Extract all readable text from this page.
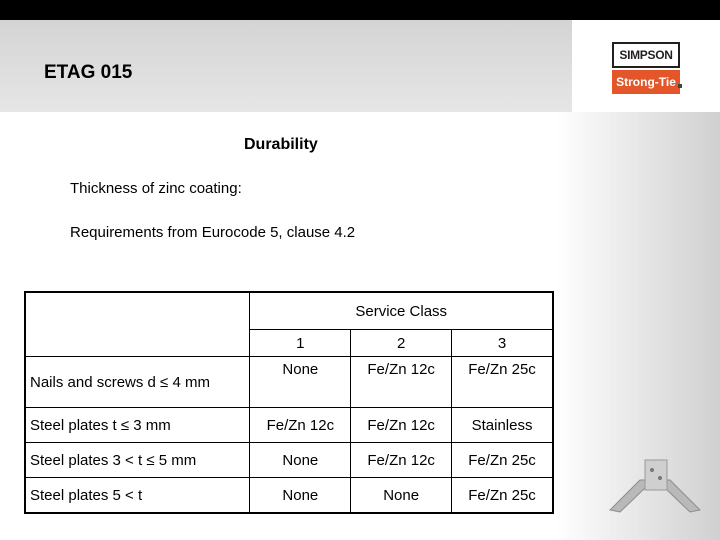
ETAG 015
SIMPSON
Strong-Tie
Durability
Thickness of zinc coating:
Requirements from Eurocode 5, clause 4.2
	Service Class		
	1	2	3
Nails and screws d ≤ 4 mm	None	Fe/Zn 12c	Fe/Zn 25c
Steel plates t ≤ 3 mm	Fe/Zn 12c	Fe/Zn 12c	Stainless
Steel plates 3 < t ≤ 5 mm	None	Fe/Zn 12c	Fe/Zn 25c
Steel plates 5 < t	None	None	Fe/Zn 25c
